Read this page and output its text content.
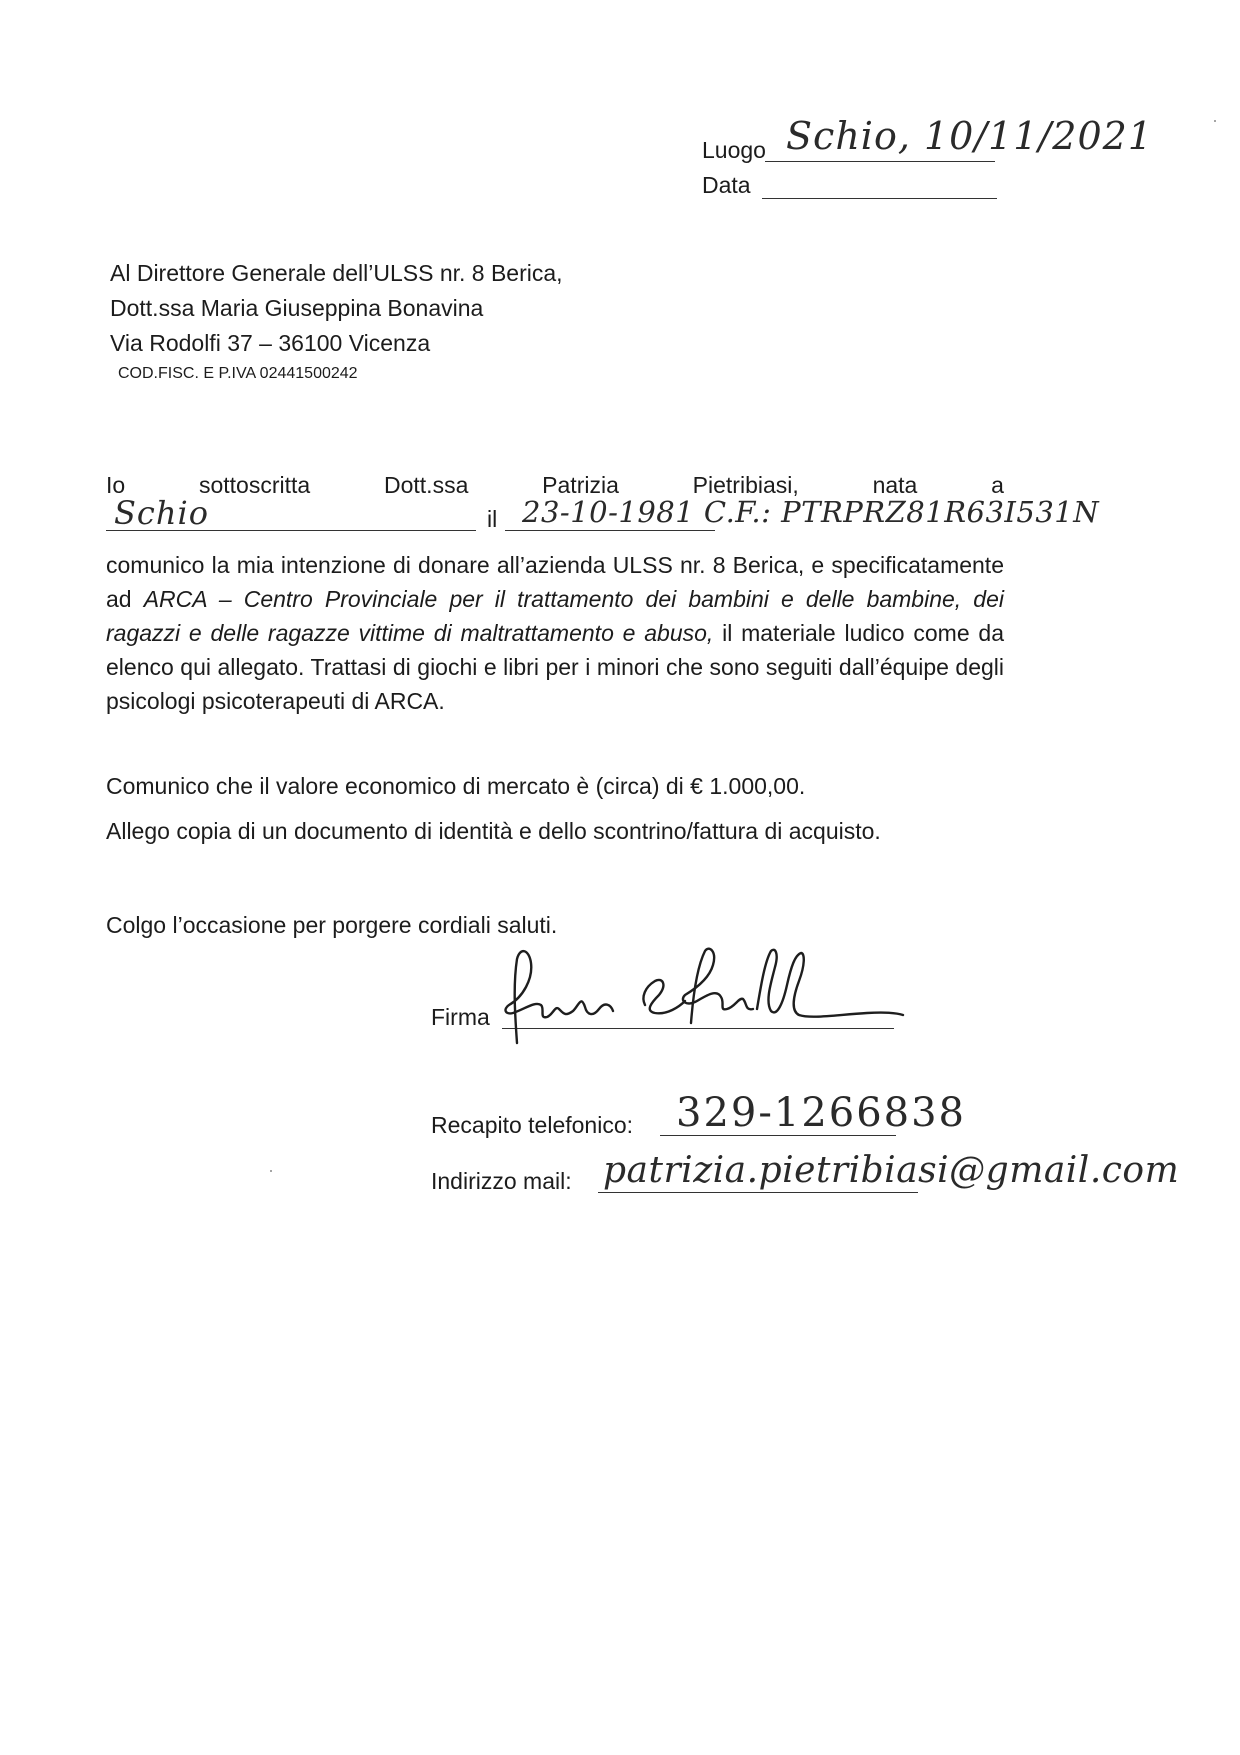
Luogo Schio, 10/11/2021
Data
Al Direttore Generale dell’ULSS nr. 8 Berica,
Dott.ssa Maria Giuseppina Bonavina
Via Rodolfi 37 – 36100 Vicenza
COD.FISC. E P.IVA 02441500242
Io	sottoscritta	Dott.ssa	Patrizia	Pietribiasi,	nata	a
Schio	il 23-10-1981 C.F.: PTRPRZ81R63I531N

comunico la mia intenzione di donare all’azienda ULSS nr. 8 Berica, e specificatamente ad ARCA – Centro Provinciale per il trattamento dei bambini e delle bambine, dei ragazzi e delle ragazze vittime di maltrattamento e abuso, il materiale ludico come da elenco qui allegato. Trattasi di giochi e libri per i minori che sono seguiti dall’équipe degli psicologi psicoterapeuti di ARCA.

Comunico che il valore economico di mercato è (circa) di € 1.000,00.
Allego copia di un documento di identità e dello scontrino/fattura di acquisto.
Colgo l’occasione per porgere cordiali saluti.
Firma
Recapito telefonico: 329-1266838
Indirizzo mail: patrizia.pietribiasi@gmail.com
